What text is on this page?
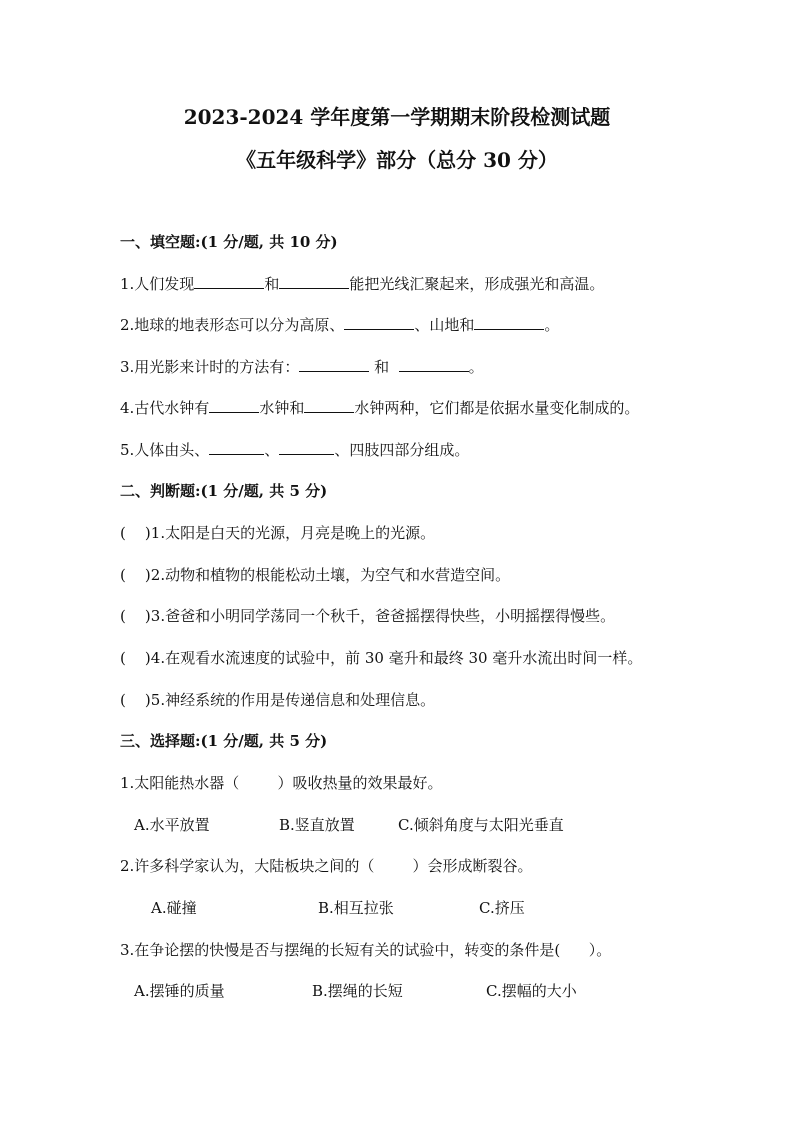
2023-2024 学年度第一学期期末阶段检测试题
《五年级科学》部分（总分 30 分）
一、填空题:(1 分/题, 共 10 分)
1.人们发现	和	能把光线汇聚起来，形成强光和高温。
2.地球的地表形态可以分为高原、	、山地和	。
3.用光影来计时的方法有：	和	。
4.古代水钟有	水钟和	水钟两种，它们都是依据水量变化制成的。
5.人体由头、	、	、四肢四部分组成。
二、判断题:(1 分/题, 共 5 分)
(    )1.太阳是白天的光源，月亮是晚上的光源。
(    )2.动物和植物的根能松动土壤，为空气和水营造空间。
(    )3.爸爸和小明同学荡同一个秋千，爸爸摇摆得快些，小明摇摆得慢些。
(    )4.在观看水流速度的试验中，前 30 毫升和最终 30 毫升水流出时间一样。
(    )5.神经系统的作用是传递信息和处理信息。
三、选择题:(1 分/题, 共 5 分)
1.太阳能热水器（        ）吸收热量的效果最好。
A.水平放置	B.竖直放置	C.倾斜角度与太阳光垂直
2.许多科学家认为，大陆板块之间的（        ）会形成断裂谷。
A.碰撞	B.相互拉张	C.挤压
3.在争论摆的快慢是否与摆绳的长短有关的试验中，转变的条件是(      ）。
A.摆锤的质量	B.摆绳的长短	C.摆幅的大小
